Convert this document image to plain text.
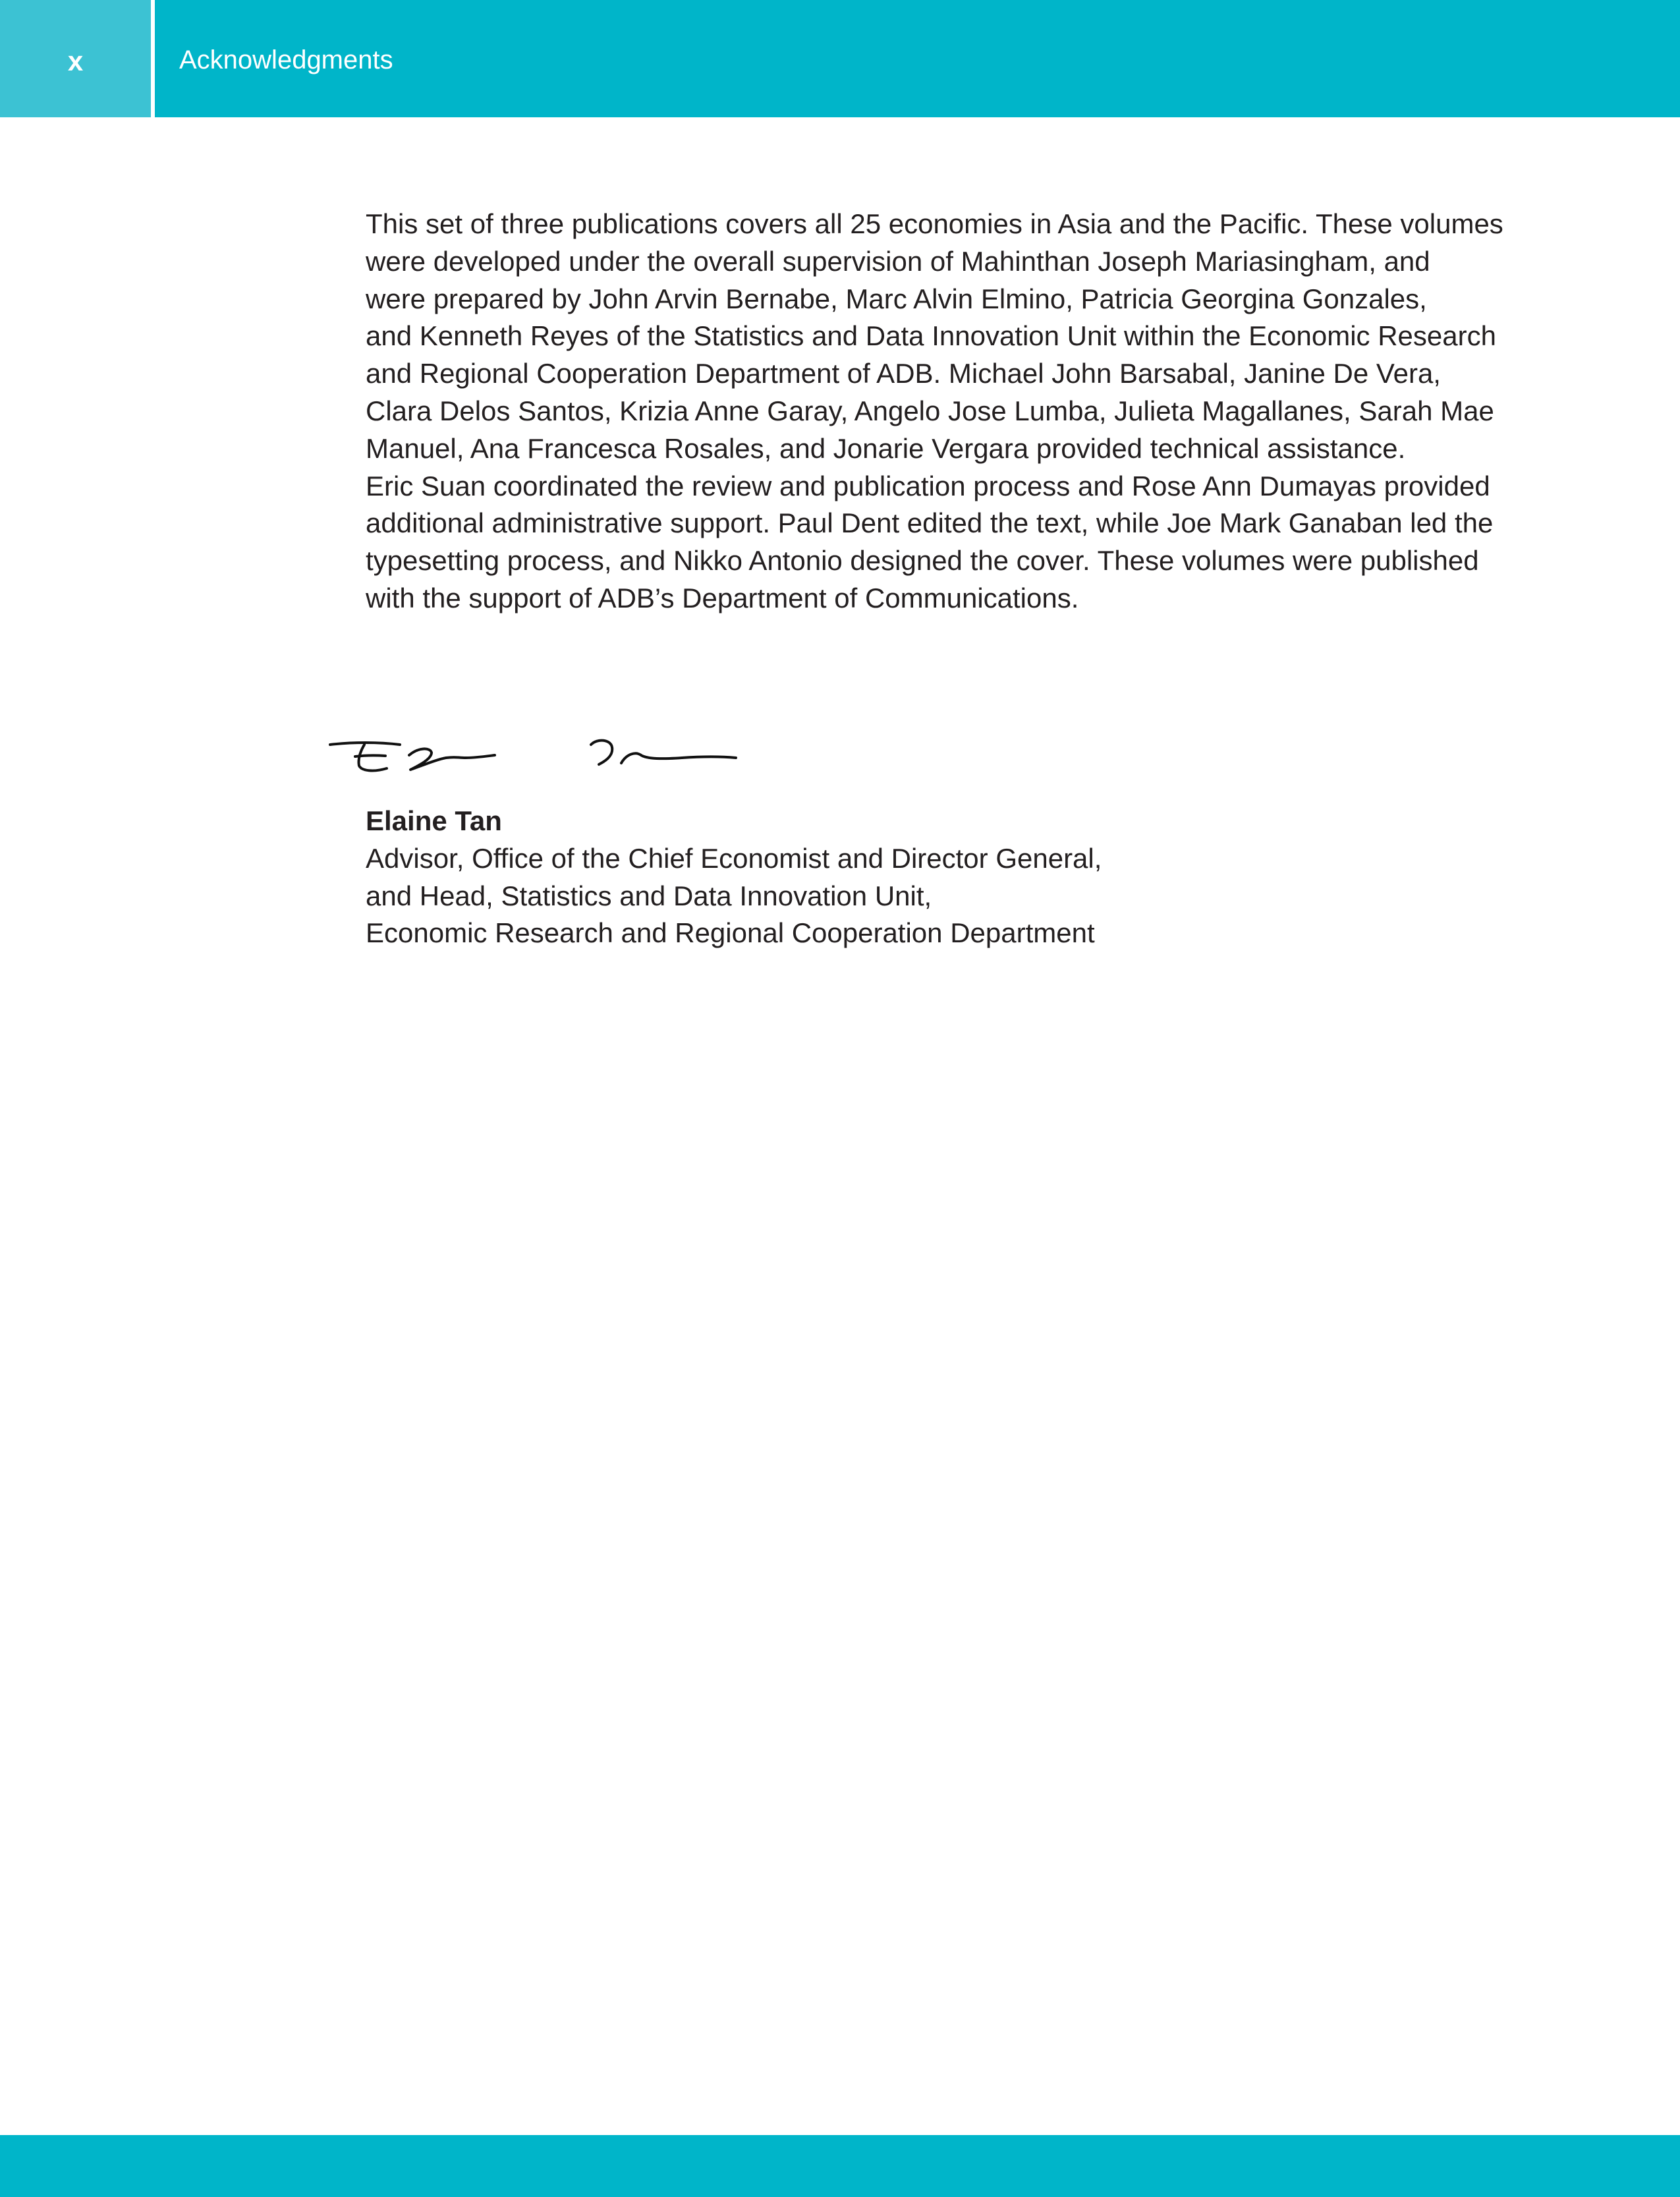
x	Acknowledgments

This set of three publications covers all 25 economies in Asia and the Pacific. These volumes
were developed under the overall supervision of Mahinthan Joseph Mariasingham, and
were prepared by John Arvin Bernabe, Marc Alvin Elmino, Patricia Georgina Gonzales,
and Kenneth Reyes of the Statistics and Data Innovation Unit within the Economic Research
and Regional Cooperation Department of ADB. Michael John Barsabal, Janine De Vera,
Clara Delos Santos, Krizia Anne Garay, Angelo Jose Lumba, Julieta Magallanes, Sarah Mae
Manuel, Ana Francesca Rosales, and Jonarie Vergara provided technical assistance.
Eric Suan coordinated the review and publication process and Rose Ann Dumayas provided
additional administrative support. Paul Dent edited the text, while Joe Mark Ganaban led the
typesetting process, and Nikko Antonio designed the cover. These volumes were published
with the support of ADB’s Department of Communications.

Elaine Tan
Advisor, Office of the Chief Economist and Director General,
and Head, Statistics and Data Innovation Unit,
Economic Research and Regional Cooperation Department
